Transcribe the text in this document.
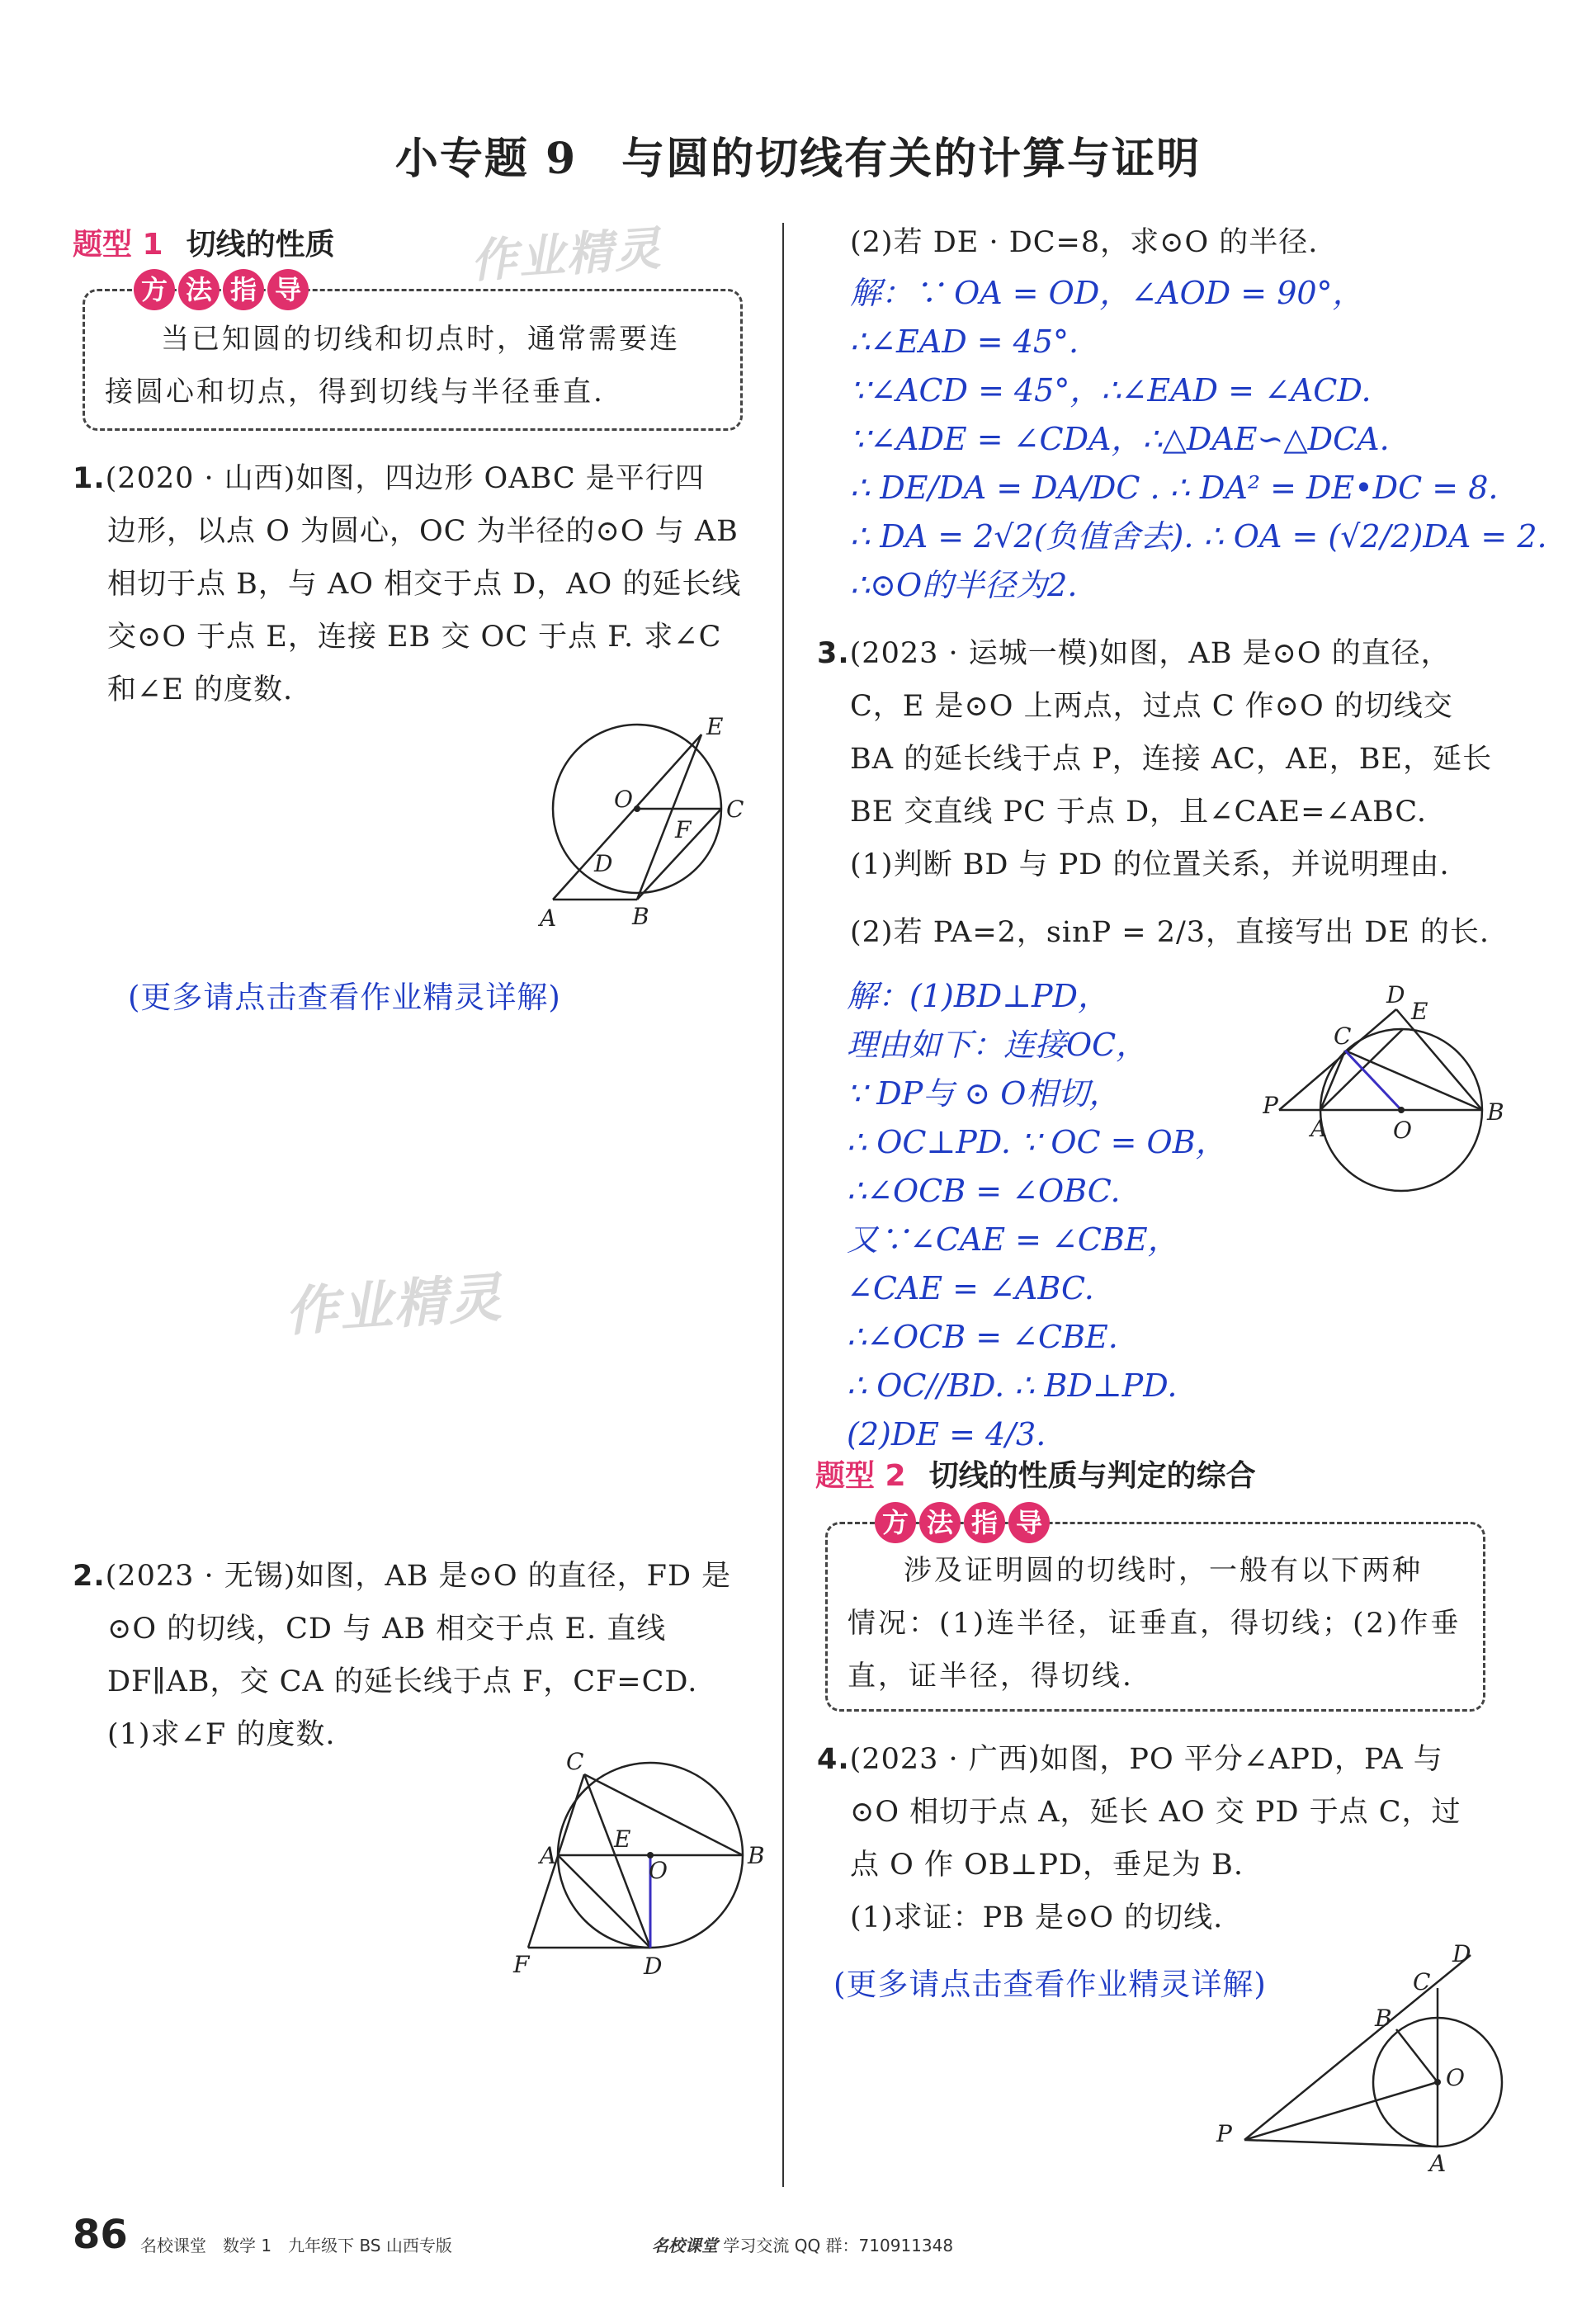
小专题 9　与圆的切线有关的计算与证明
作业精灵
作业精灵
题型 1 切线的性质
当已知圆的切线和切点时，通常需要连
接圆心和切点，得到切线与半径垂直.
方 法 指 导
1.(2020 · 山西)如图，四边形 OABC 是平行四
边形，以点 O 为圆心，OC 为半径的⊙O 与 AB
相切于点 B，与 AO 相交于点 D，AO 的延长线
交⊙O 于点 E，连接 EB 交 OC 于点 F. 求∠C
和∠E 的度数.
E
O
F
C
D
A	B
(更多请点击查看作业精灵详解)
2.(2023 · 无锡)如图，AB 是⊙O 的直径，FD 是
⊙O 的切线，CD 与 AB 相交于点 E. 直线
DF∥AB，交 CA 的延长线于点 F，CF=CD.
(1)求∠F 的度数.
C
E
A
O
B
F	D
86 名校课堂　数学 1　九年级下 BS 山西专版	名校课堂 学习交流 QQ 群：710911348
(2)若 DE · DC=8，求⊙O 的半径.
解：∵ OA = OD，∠AOD = 90°，
∴∠EAD = 45°.
∵∠ACD = 45°，∴∠EAD = ∠ACD.
∵∠ADE = ∠CDA，∴△DAE∽△DCA.
∴ DE/DA = DA/DC . ∴ DA² = DE•DC = 8.
∴ DA = 2√2(负值舍去). ∴ OA = (√2/2)DA = 2.
∴⊙O的半径为2.
3.(2023 · 运城一模)如图，AB 是⊙O 的直径，
C，E 是⊙O 上两点，过点 C 作⊙O 的切线交
BA 的延长线于点 P，连接 AC，AE，BE，延长
BE 交直线 PC 于点 D，且∠CAE=∠ABC.
(1)判断 BD 与 PD 的位置关系，并说明理由.
(2)若 PA=2，sinP = 2/3，直接写出 DE 的长.
解：(1)BD⊥PD，
理由如下：连接OC，
∵ DP与 ⊙ O相切，
∴ OC⊥PD. ∵ OC = OB，
∴∠OCB = ∠OBC.
又∵∠CAE = ∠CBE，
∠CAE = ∠ABC.
∴∠OCB = ∠CBE.
∴ OC//BD. ∴ BD⊥PD.
(2)DE = 4/3.
D
E
C
P
A	O
B
题型 2 切线的性质与判定的综合
涉及证明圆的切线时，一般有以下两种
情况：(1)连半径，证垂直，得切线；(2)作垂
直，证半径，得切线.
方 法 指 导
4.(2023 · 广西)如图，PO 平分∠APD，PA 与
⊙O 相切于点 A，延长 AO 交 PD 于点 C，过
点 O 作 OB⊥PD，垂足为 B.
(1)求证：PB 是⊙O 的切线.
(更多请点击查看作业精灵详解)
D
C
B
O
P
A
